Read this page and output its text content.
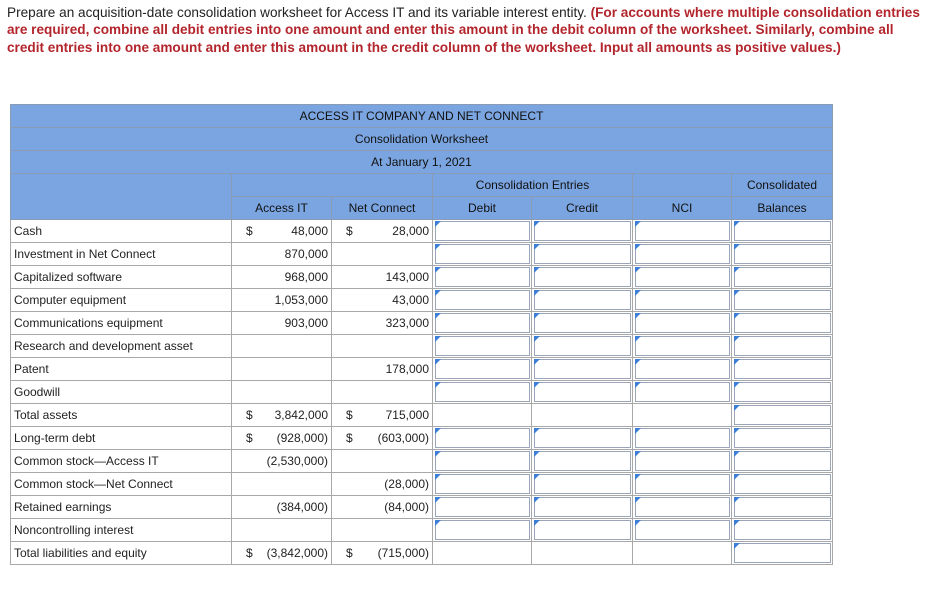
Prepare an acquisition-date consolidation worksheet for Access IT and its variable interest entity. (For accounts where multiple consolidation entries are required, combine all debit entries into one amount and enter this amount in the debit column of the worksheet. Similarly, combine all credit entries into one amount and enter this amount in the credit column of the worksheet. Input all amounts as positive values.)
ACCESS IT COMPANY AND NET CONNECT						
Consolidation Worksheet						
At January 1, 2021						
			Consolidation Entries			Consolidated
	Access IT	Net Connect	Debit	Credit	NCI	Balances
Cash	$ 48,000	$ 28,000	

Investment in Net Connect	870,000	

Capitalized software	968,000	143,000	

Computer equipment	1,053,000	43,000	

Communications equipment	903,000	323,000	

Research and development asset	

Patent		178,000	

Goodwill	

Total assets	$ 3,842,000	$ 715,000				

Long-term debt	$ (928,000)	$ (603,000)	

Common stock—Access IT	(2,530,000)	

Common stock—Net Connect		(28,000)	

Retained earnings	(384,000)	(84,000)	

Noncontrolling interest	

Total liabilities and equity	$ (3,842,000)	$ (715,000)				
